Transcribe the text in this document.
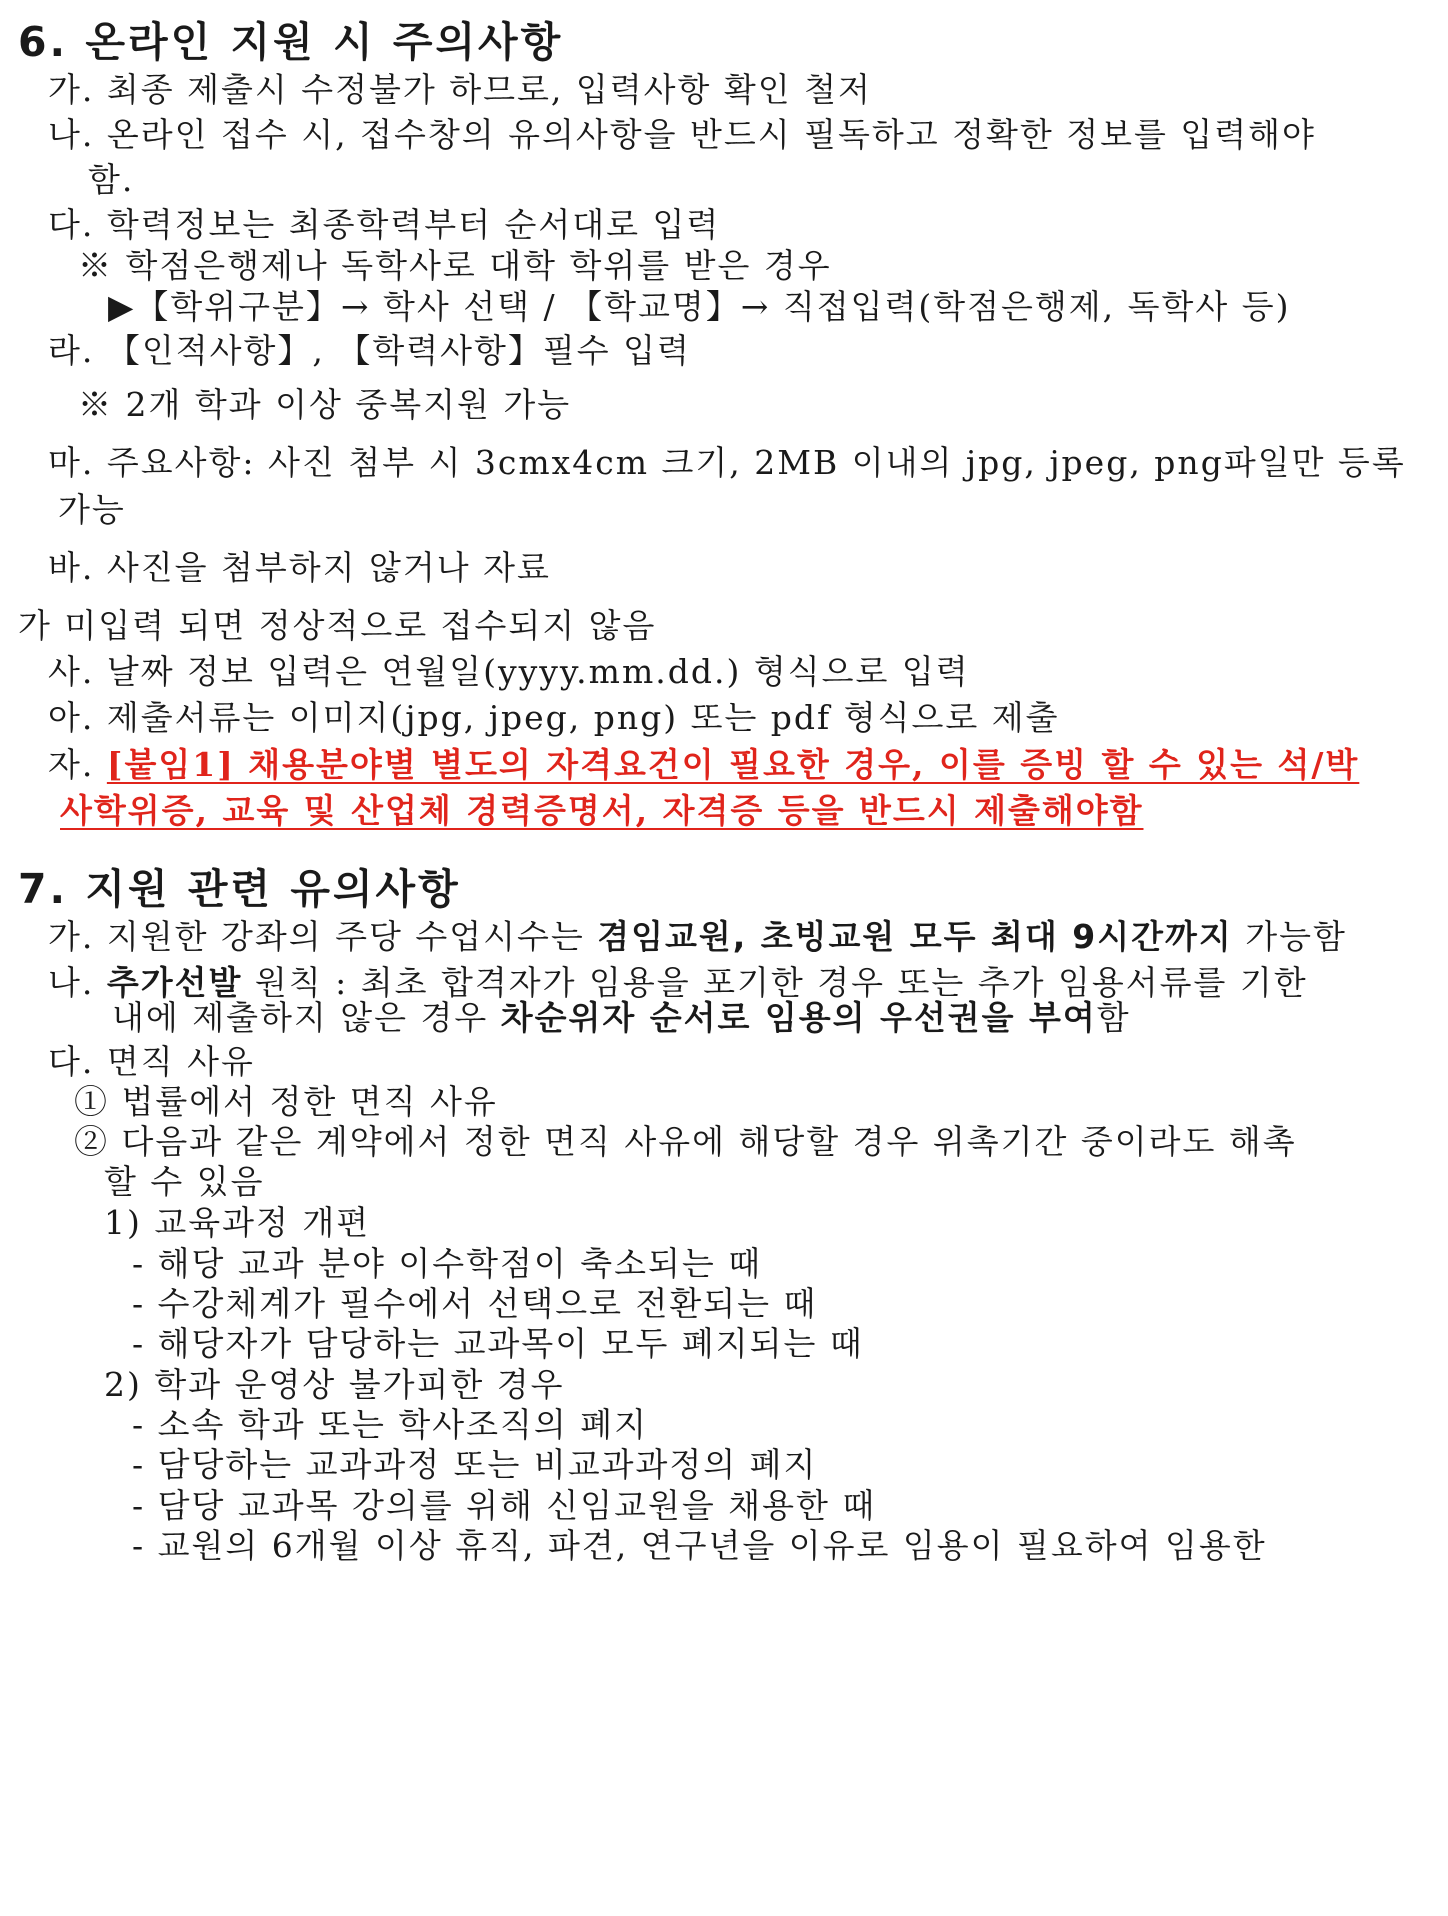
6. 온라인 지원 시 주의사항
가. 최종 제출시 수정불가 하므로, 입력사항 확인 철저
나. 온라인 접수 시, 접수창의 유의사항을 반드시 필독하고 정확한 정보를 입력해야
함.
다. 학력정보는 최종학력부터 순서대로 입력
※ 학점은행제나 독학사로 대학 학위를 받은 경우
▶【학위구분】→ 학사 선택 / 【학교명】→ 직접입력(학점은행제, 독학사 등)
라. 【인적사항】, 【학력사항】필수 입력
※ 2개 학과 이상 중복지원 가능
마. 주요사항: 사진 첨부 시 3cmx4cm 크기, 2MB 이내의 jpg, jpeg, png파일만 등록
가능
바. 사진을 첨부하지 않거나 자료
가 미입력 되면 정상적으로 접수되지 않음
사. 날짜 정보 입력은 연월일(yyyy.mm.dd.) 형식으로 입력
아. 제출서류는 이미지(jpg, jpeg, png) 또는 pdf 형식으로 제출
자. [붙임1] 채용분야별 별도의 자격요건이 필요한 경우, 이를 증빙 할 수 있는 석/박
사학위증, 교육 및 산업체 경력증명서, 자격증 등을 반드시 제출해야함
7. 지원 관련 유의사항
가. 지원한 강좌의 주당 수업시수는 겸임교원, 초빙교원 모두 최대 9시간까지 가능함
나. 추가선발 원칙 : 최초 합격자가 임용을 포기한 경우 또는 추가 임용서류를 기한
내에 제출하지 않은 경우 차순위자 순서로 임용의 우선권을 부여함
다. 면직 사유
① 법률에서 정한 면직 사유
② 다음과 같은 계약에서 정한 면직 사유에 해당할 경우 위촉기간 중이라도 해촉
할 수 있음
1) 교육과정 개편
- 해당 교과 분야 이수학점이 축소되는 때
- 수강체계가 필수에서 선택으로 전환되는 때
- 해당자가 담당하는 교과목이 모두 폐지되는 때
2) 학과 운영상 불가피한 경우
- 소속 학과 또는 학사조직의 폐지
- 담당하는 교과과정 또는 비교과과정의 폐지
- 담당 교과목 강의를 위해 신임교원을 채용한 때
- 교원의 6개월 이상 휴직, 파견, 연구년을 이유로 임용이 필요하여 임용한
